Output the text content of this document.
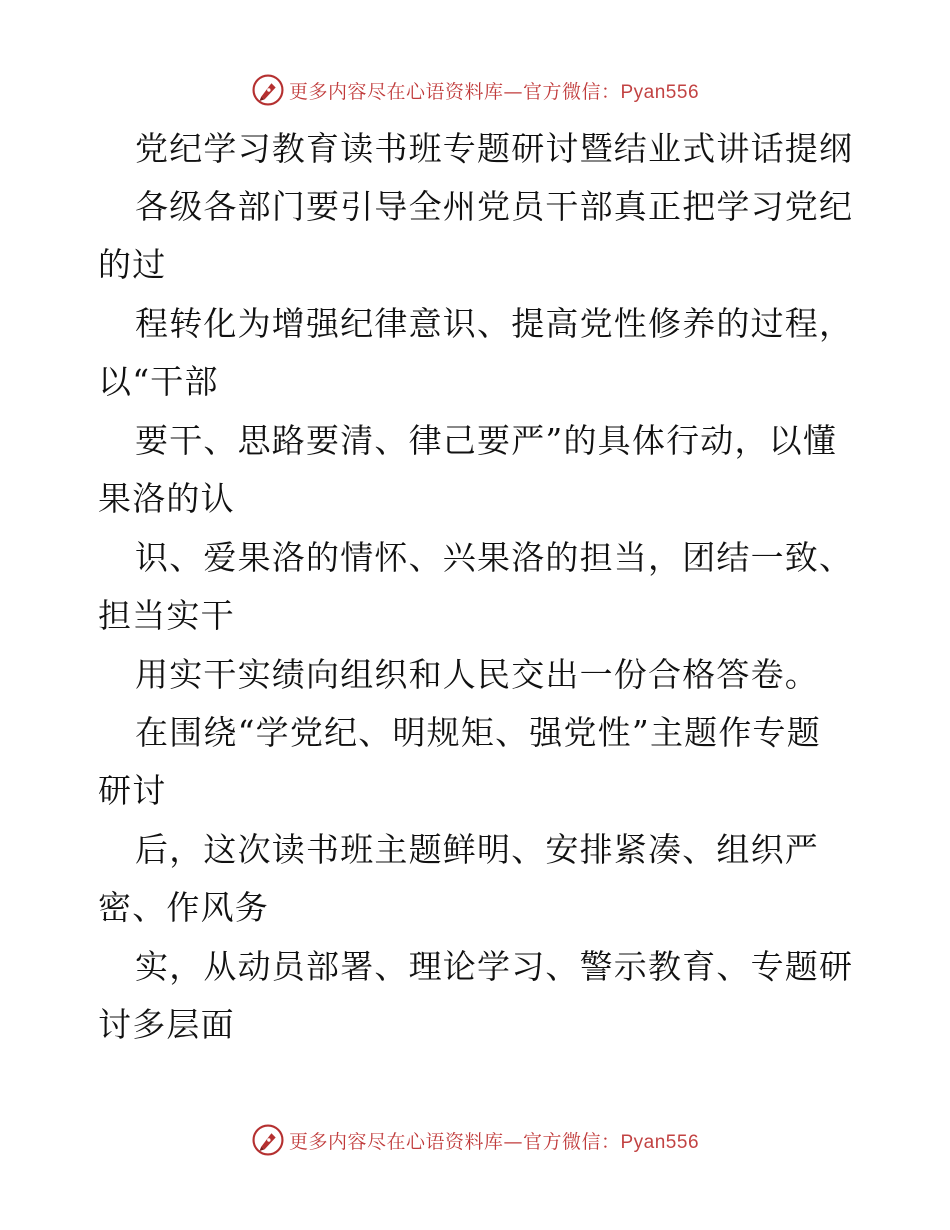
更多内容尽在心语资料库—官方微信：Pyan556
党纪学习教育读书班专题研讨暨结业式讲话提纲
各级各部门要引导全州党员干部真正把学习党纪
的过
程转化为增强纪律意识、提高党性修养的过程，
以“干部
要干、思路要清、律己要严”的具体行动，以懂
果洛的认
识、爱果洛的情怀、兴果洛的担当，团结一致、
担当实干
用实干实绩向组织和人民交出一份合格答卷。
在围绕“学党纪、明规矩、强党性”主题作专题
研讨
后，这次读书班主题鲜明、安排紧凑、组织严
密、作风务
实，从动员部署、理论学习、警示教育、专题研
讨多层面
更多内容尽在心语资料库—官方微信：Pyan556
